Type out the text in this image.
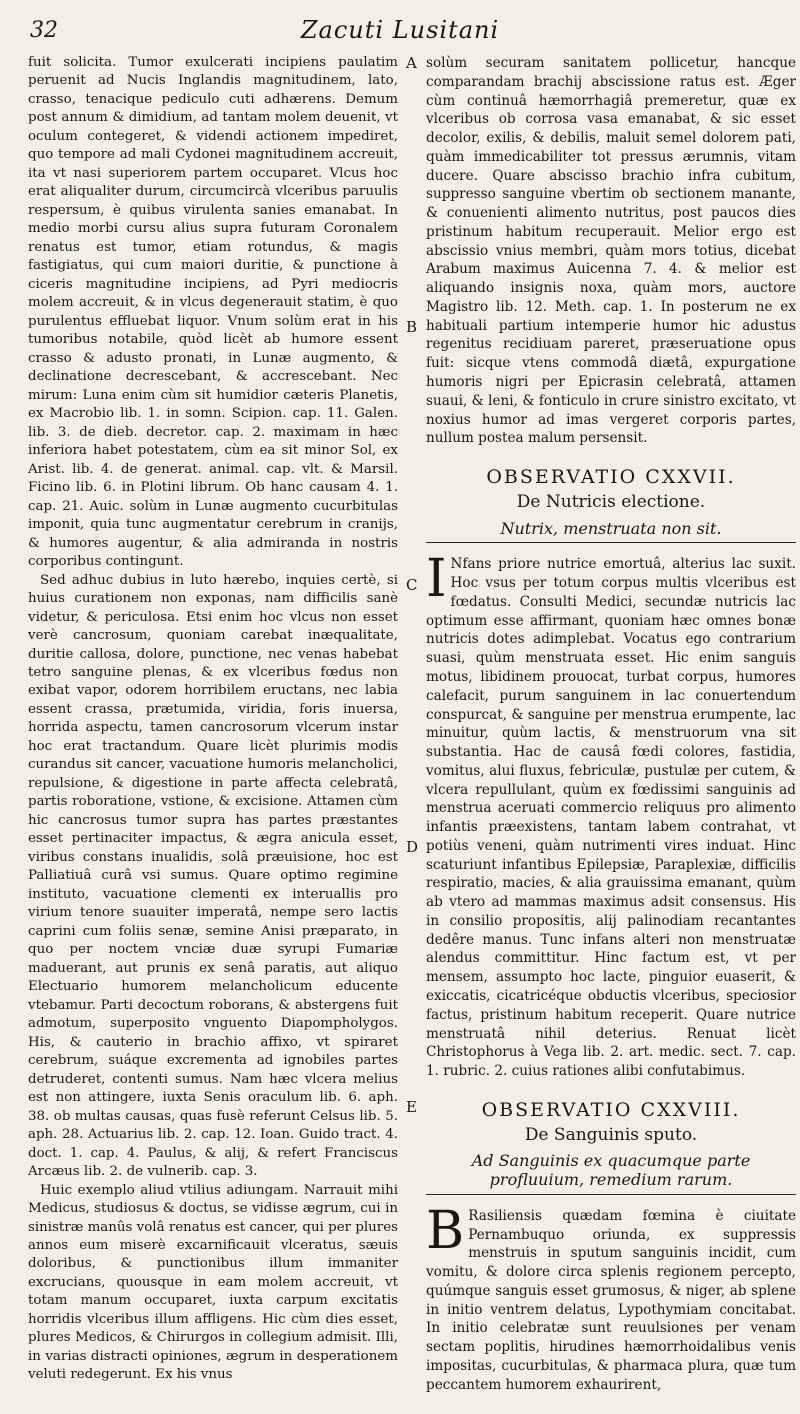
32	Zacuti Lusitani
A
B
C
D
E

fuit solicita. Tumor exulcerati incipiens paulatim peruenit ad Nucis Inglandis magnitudinem, lato, crasso, tenacique pediculo cuti adhærens. Demum post annum & dimidium, ad tantam molem deuenit, vt oculum contegeret, & videndi actionem impediret, quo tempore ad mali Cydonei magnitudinem accreuit, ita vt nasi superiorem partem occuparet. Vlcus hoc erat aliqualiter durum, circumcircà vlceribus paruulis respersum, è quibus virulenta sanies emanabat. In medio morbi cursu alius supra futuram Coronalem renatus est tumor, etiam rotundus, & magis fastigiatus, qui cum maiori duritie, & punctione à ciceris magnitudine incipiens, ad Pyri mediocris molem accreuit, & in vlcus degenerauit statim, è quo purulentus effluebat liquor. Vnum solùm erat in his tumoribus notabile, quòd licèt ab humore essent crasso & adusto pronati, in Lunæ augmento, & declinatione decrescebant, & accrescebant. Nec mirum: Luna enim cùm sit humidior cæteris Planetis, ex Macrobio lib. 1. in somn. Scipion. cap. 11. Galen. lib. 3. de dieb. decretor. cap. 2. maximam in hæc inferiora habet potestatem, cùm ea sit minor Sol, ex Arist. lib. 4. de generat. animal. cap. vlt. & Marsil. Ficino lib. 6. in Plotini librum. Ob hanc causam 4. 1. cap. 21. Auic. solùm in Lunæ augmento cucurbitulas imponit, quia tunc augmentatur cerebrum in cranijs, & humores augentur, & alia admiranda in nostris corporibus contingunt.

Sed adhuc dubius in luto hærebo, inquies certè, si huius curationem non exponas, nam difficilis sanè videtur, & periculosa. Etsi enim hoc vlcus non esset verè cancrosum, quoniam carebat inæqualitate, duritie callosa, dolore, punctione, nec venas habebat tetro sanguine plenas, & ex vlceribus fœdus non exibat vapor, odorem horribilem eructans, nec labia essent crassa, prætumida, viridia, foris inuersa, horrida aspectu, tamen cancrosorum vlcerum instar hoc erat tractandum. Quare licèt plurimis modis curandus sit cancer, vacuatione humoris melancholici, repulsione, & digestione in parte affecta celebratâ, partis roboratione, vstione, & excisione. Attamen cùm hic cancrosus tumor supra has partes præstantes esset pertinaciter impactus, & ægra anicula esset, viribus constans inualidis, solâ præuisione, hoc est Palliatiuâ curâ vsi sumus. Quare optimo regimine instituto, vacuatione clementi ex interuallis pro virium tenore suauiter imperatâ, nempe sero lactis caprini cum foliis senæ, semine Anisi præparato, in quo per noctem vnciæ duæ syrupi Fumariæ maduerant, aut prunis ex senâ paratis, aut aliquo Electuario humorem melancholicum educente vtebamur. Parti decoctum roborans, & abstergens fuit admotum, superposito vnguento Diapompholygos. His, & cauterio in brachio affixo, vt spiraret cerebrum, suáque excrementa ad ignobiles partes detruderet, contenti sumus. Nam hæc vlcera melius est non attingere, iuxta Senis oraculum lib. 6. aph. 38. ob multas causas, quas fusè referunt Celsus lib. 5. aph. 28. Actuarius lib. 2. cap. 12. Ioan. Guido tract. 4. doct. 1. cap. 4. Paulus, & alij, & refert Franciscus Arcæus lib. 2. de vulnerib. cap. 3.

Huic exemplo aliud vtilius adiungam. Narrauit mihi Medicus, studiosus & doctus, se vidisse ægrum, cui in sinistræ manûs volâ renatus est cancer, qui per plures annos eum miserè excarnificauit vlceratus, sæuis doloribus, & punctionibus illum immaniter excrucians, quousque in eam molem accreuit, vt totam manum occuparet, iuxta carpum excitatis horridis vlceribus illum affligens. Hic cùm dies esset, plures Medicos, & Chirurgos in collegium admisit. Illi, in varias distracti opiniones, ægrum in desperationem veluti redegerunt. Ex his vnus

solùm securam sanitatem pollicetur, hancque comparandam brachij abscissione ratus est. Æger cùm continuâ hæmorrhagiâ premeretur, quæ ex vlceribus ob corrosa vasa emanabat, & sic esset decolor, exilis, & debilis, maluit semel dolorem pati, quàm immedicabiliter tot pressus ærumnis, vitam ducere. Quare abscisso brachio infra cubitum, suppresso sanguine vbertim ob sectionem manante, & conuenienti alimento nutritus, post paucos dies pristinum habitum recuperauit. Melior ergo est abscissio vnius membri, quàm mors totius, dicebat Arabum maximus Auicenna 7. 4. & melior est aliquando insignis noxa, quàm mors, auctore Magistro lib. 12. Meth. cap. 1. In posterum ne ex habituali partium intemperie humor hic adustus regenitus recidiuam pareret, præseruatione opus fuit: sicque vtens commodâ diætâ, expurgatione humoris nigri per Epicrasin celebratâ, attamen suaui, & leni, & fonticulo in crure sinistro excitato, vt noxius humor ad imas vergeret corporis partes, nullum postea malum persensit.

OBSERVATIO CXXVII.
De Nutricis electione.
Nutrix, menstruata non sit.

I Nfans priore nutrice emortuâ, alterius lac suxit. Hoc vsus per totum corpus multis vlceribus est fœdatus. Consulti Medici, secundæ nutricis lac optimum esse affirmant, quoniam hæc omnes bonæ nutricis dotes adimplebat. Vocatus ego contrarium suasi, quùm menstruata esset. Hic enim sanguis motus, libidinem prouocat, turbat corpus, humores calefacit, purum sanguinem in lac conuertendum conspurcat, & sanguine per menstrua erumpente, lac minuitur, quùm lactis, & menstruorum vna sit substantia. Hac de causâ fœdi colores, fastidia, vomitus, alui fluxus, febriculæ, pustulæ per cutem, & vlcera repullulant, quùm ex fœdissimi sanguinis ad menstrua aceruati commercio reliquus pro alimento infantis præexistens, tantam labem contrahat, vt potiùs veneni, quàm nutrimenti vires induat. Hinc scaturiunt infantibus Epilepsiæ, Paraplexiæ, difficilis respiratio, macies, & alia grauissima emanant, quùm ab vtero ad mammas maximus adsit consensus. His in consilio propositis, alij palinodiam recantantes dedêre manus. Tunc infans alteri non menstruatæ alendus committitur. Hinc factum est, vt per mensem, assumpto hoc lacte, pinguior euaserit, & exiccatis, cicatricéque obductis vlceribus, speciosior factus, pristinum habitum receperit. Quare nutrice menstruatâ nihil deterius. Renuat licèt Christophorus à Vega lib. 2. art. medic. sect. 7. cap. 1. rubric. 2. cuius rationes alibi confutabimus.

OBSERVATIO CXXVIII.
De Sanguinis sputo.
Ad Sanguinis ex quacumque parte profluuium, remedium rarum.

B Rasiliensis quædam fœmina è ciuitate Pernambuquo oriunda, ex suppressis menstruis in sputum sanguinis incidit, cum vomitu, & dolore circa splenis regionem percepto, quúmque sanguis esset grumosus, & niger, ab splene in initio ventrem delatus, Lypothymiam concitabat. In initio celebratæ sunt reuulsiones per venam sectam poplitis, hirudines hæmorrhoidalibus venis impositas, cucurbitulas, & pharmaca plura, quæ tum peccantem humorem exhaurirent,
